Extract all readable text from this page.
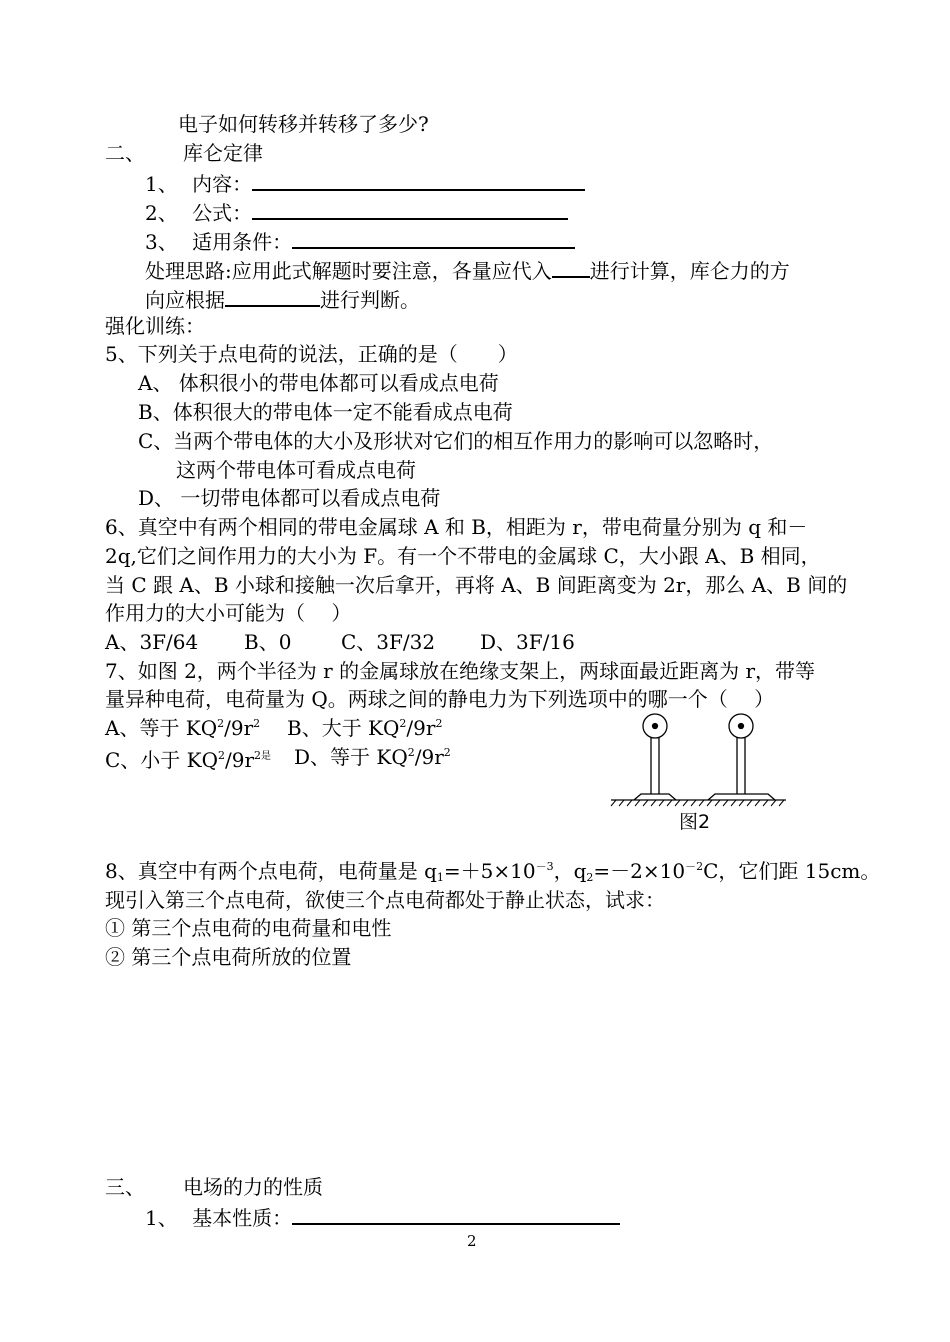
电子如何转移并转移了多少?
二、 库仑定律
1、 内容：
2、 公式：
3、 适用条件：
处理思路:应用此式解题时要注意，各量应代入 进行计算，库仑力的方
向应根据	进行判断。
强化训练：
5、下列关于点电荷的说法，正确的是（　　）
A、 体积很小的带电体都可以看成点电荷
B、体积很大的带电体一定不能看成点电荷
C、当两个带电体的大小及形状对它们的相互作用力的影响可以忽略时，
这两个带电体可看成点电荷
D、 一切带电体都可以看成点电荷
6、真空中有两个相同的带电金属球 A 和 B，相距为 r，带电荷量分别为 q 和－
2q,它们之间作用力的大小为 F。有一个不带电的金属球 C，大小跟 A、B 相同，
当 C 跟 A、B 小球和接触一次后拿开，再将 A、B 间距离变为 2r，那么 A、B 间的
作用力的大小可能为（　 ）
A、3F/64 B、0 C、3F/32 D、3F/16
7、如图 2，两个半径为 r 的金属球放在绝缘支架上，两球面最近距离为 r，带等
量异种电荷，电荷量为 Q。两球之间的静电力为下列选项中的哪一个（　 ）
A、等于 $KQ^2/9r^2$ B、大于 $KQ^2/9r^2$
C、小于 $KQ^2/9r^{2是}$ D、等于 $KQ^2/9r^2$
图2
8、真空中有两个点电荷，电荷量是 $q_1=+5\times 10^{-3}$，$q_2=-2\times 10^{-2}C$，它们距 15cm。
现引入第三个点电荷，欲使三个点电荷都处于静止状态，试求：
① 第三个点电荷的电荷量和电性
② 第三个点电荷所放的位置
三、 电场的力的性质
1、 基本性质：
2
